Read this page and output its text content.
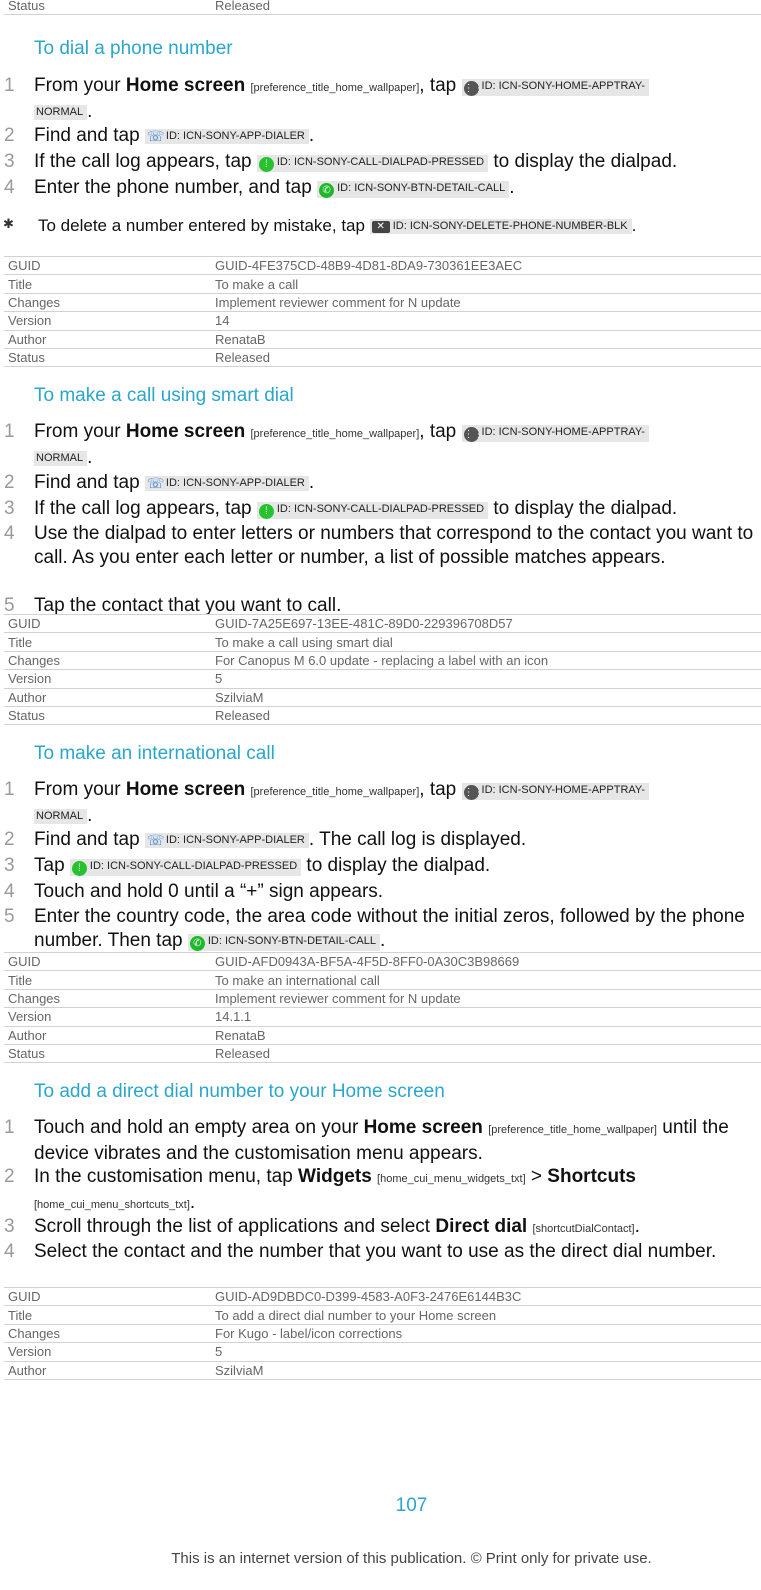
Status	Released
To dial a phone number
1 From your Home screen [preference_title_home_wallpaper], tap ⋮⋮ID: ICN-SONY-HOME-APPTRAY-
NORMAL .
2 Find and tap ☏ID: ICN-SONY-APP-DIALER .
3 If the call log appears, tap ⁞ ID: ICN-SONY-CALL-DIALPAD-PRESSED to display the dialpad.
4 Enter the phone number, and tap ✆ ID: ICN-SONY-BTN-DETAIL-CALL .
✱ To delete a number entered by mistake, tap ✕ ID: ICN-SONY-DELETE-PHONE-NUMBER-BLK .
GUID	GUID-4FE375CD-48B9-4D81-8DA9-730361EE3AEC
Title	To make a call
Changes	Implement reviewer comment for N update
Version	14
Author	RenataB
Status	Released
To make a call using smart dial
1 From your Home screen [preference_title_home_wallpaper], tap ⋮⋮ID: ICN-SONY-HOME-APPTRAY-
NORMAL .
2 Find and tap ☏ID: ICN-SONY-APP-DIALER .
3 If the call log appears, tap ⁞ ID: ICN-SONY-CALL-DIALPAD-PRESSED to display the dialpad.
4 Use the dialpad to enter letters or numbers that correspond to the contact you want to call. As you enter each letter or number, a list of possible matches appears.
5 Tap the contact that you want to call.
GUID	GUID-7A25E697-13EE-481C-89D0-229396708D57
Title	To make a call using smart dial
Changes	For Canopus M 6.0 update - replacing a label with an icon
Version	5
Author	SzilviaM
Status	Released
To make an international call
1 From your Home screen [preference_title_home_wallpaper], tap ⋮⋮ID: ICN-SONY-HOME-APPTRAY-
NORMAL .
2 Find and tap ☏ID: ICN-SONY-APP-DIALER . The call log is displayed.
3 Tap ⁞ ID: ICN-SONY-CALL-DIALPAD-PRESSED to display the dialpad.
4 Touch and hold 0 until a “+” sign appears.
5 Enter the country code, the area code without the initial zeros, followed by the phone number. Then tap ✆ ID: ICN-SONY-BTN-DETAIL-CALL .
GUID	GUID-AFD0943A-BF5A-4F5D-8FF0-0A30C3B98669
Title	To make an international call
Changes	Implement reviewer comment for N update
Version	14.1.1
Author	RenataB
Status	Released
To add a direct dial number to your Home screen
1 Touch and hold an empty area on your Home screen [preference_title_home_wallpaper] until the device vibrates and the customisation menu appears.
2 In the customisation menu, tap Widgets [home_cui_menu_widgets_txt] > Shortcuts
[home_cui_menu_shortcuts_txt].
3 Scroll through the list of applications and select Direct dial [shortcutDialContact].
4 Select the contact and the number that you want to use as the direct dial number.
GUID	GUID-AD9DBDC0-D399-4583-A0F3-2476E6144B3C
Title	To add a direct dial number to your Home screen
Changes	For Kugo - label/icon corrections
Version	5
Author	SzilviaM
107
This is an internet version of this publication. © Print only for private use.
